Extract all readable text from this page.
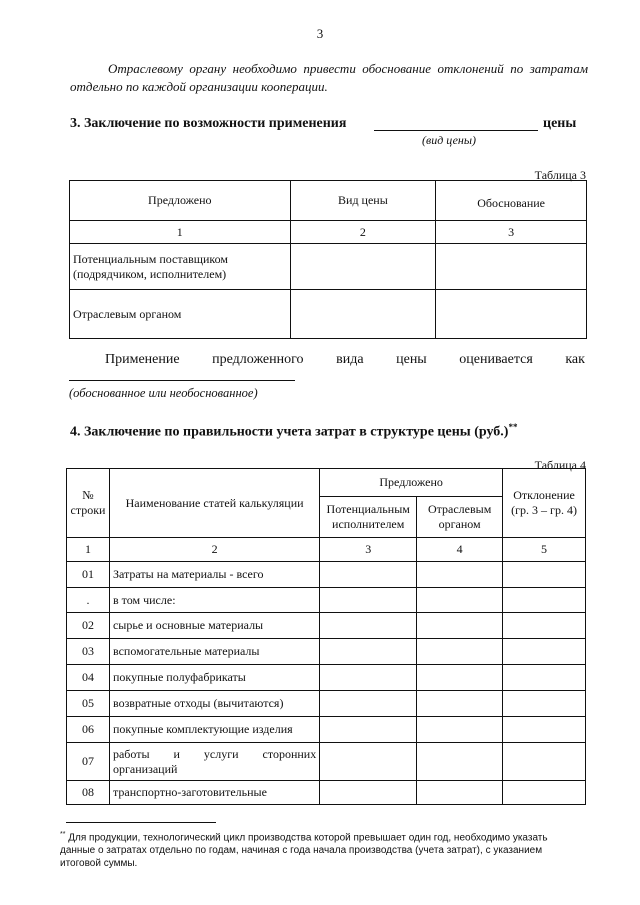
3
Отраслевому органу необходимо привести обоснование отклонений по затратам отдельно по каждой организации кооперации.
3. Заключение по возможности применения	цены
(вид цены)
Таблица 3
Предложено	Вид цены	Обоснование
1	2	3
Потенциальным поставщиком (подрядчиком, исполнителем)		
Отраслевым органом		
Применение предложенного вида цены оценивается как
(обоснованное или необоснованное)
4. Заключение по правильности учета затрат в структуре цены (руб.)**
Таблица 4
№ строки	Наименование статей калькуляции	Предложено		Отклонение (гр. 3 – гр. 4)
		Потенциальным исполнителем	Отраслевым органом	
1	2	3	4	5
01	Затраты на материалы - всего			
.	в том числе:			
02	сырье и основные материалы			
03	вспомогательные материалы			
04	покупные полуфабрикаты			
05	возвратные отходы (вычитаются)			
06	покупные комплектующие изделия			
07	работы и услуги сторонних организаций			
08	транспортно-заготовительные			
** Для продукции, технологический цикл производства которой превышает один год, необходимо указать данные о затратах отдельно по годам, начиная с года начала производства (учета затрат), с указанием итоговой суммы.
